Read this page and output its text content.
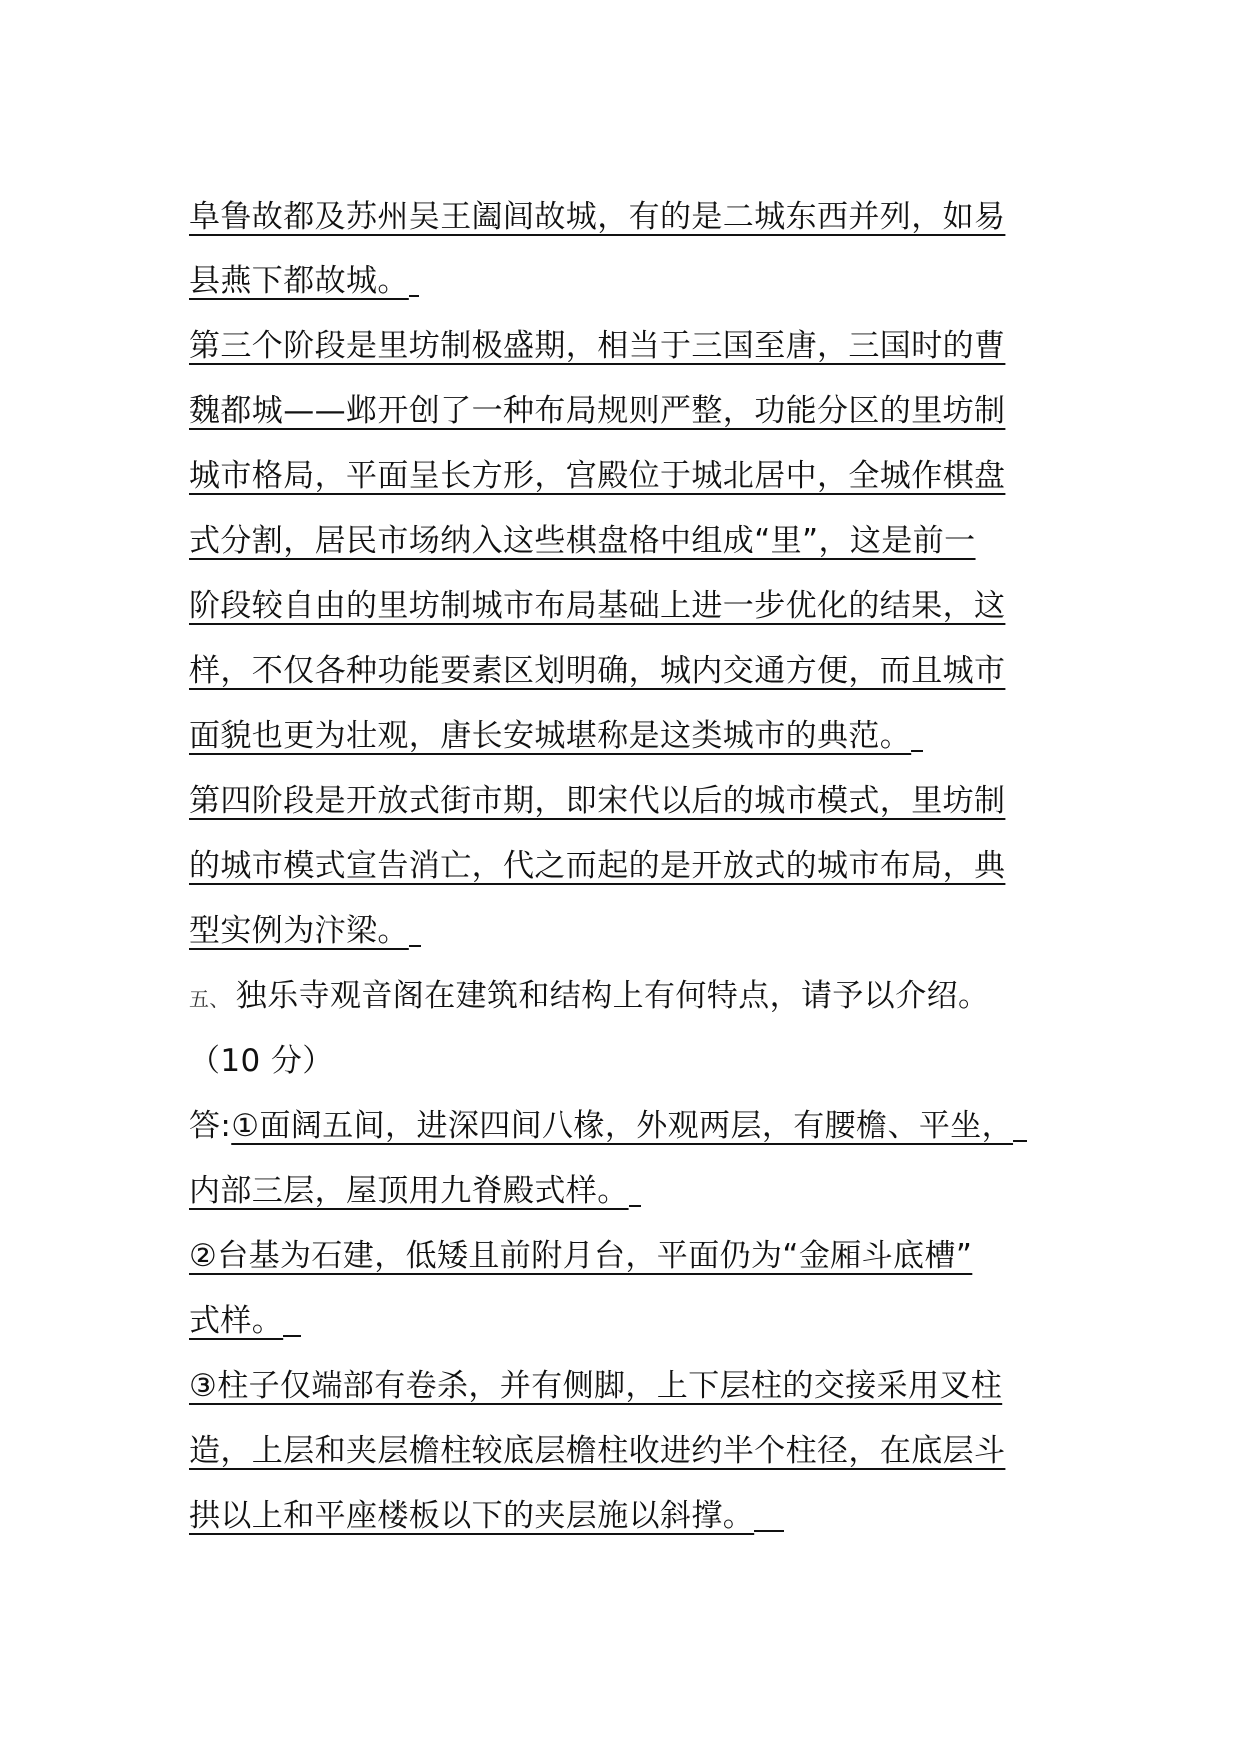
阜鲁故都及苏州吴王阖闾故城，有的是二城东西并列，如易
县燕下都故城。
第三个阶段是里坊制极盛期，相当于三国至唐，三国时的曹
魏都城——邺开创了一种布局规则严整，功能分区的里坊制
城市格局，平面呈长方形，宫殿位于城北居中，全城作棋盘
式分割，居民市场纳入这些棋盘格中组成“里”，这是前一
阶段较自由的里坊制城市布局基础上进一步优化的结果，这
样，不仅各种功能要素区划明确，城内交通方便，而且城市
面貌也更为壮观，唐长安城堪称是这类城市的典范。
第四阶段是开放式街市期，即宋代以后的城市模式，里坊制
的城市模式宣告消亡，代之而起的是开放式的城市布局，典
型实例为汴梁。
五、 独乐寺观音阁在建筑和结构上有何特点，请予以介绍。
（10 分）
答:①面阔五间，进深四间八椽，外观两层，有腰檐、平坐，
内部三层，屋顶用九脊殿式样。
②台基为石建，低矮且前附月台，平面仍为“金厢斗底槽”
式样。
③柱子仅端部有卷杀，并有侧脚，上下层柱的交接采用叉柱
造，上层和夹层檐柱较底层檐柱收进约半个柱径，在底层斗
拱以上和平座楼板以下的夹层施以斜撑。
